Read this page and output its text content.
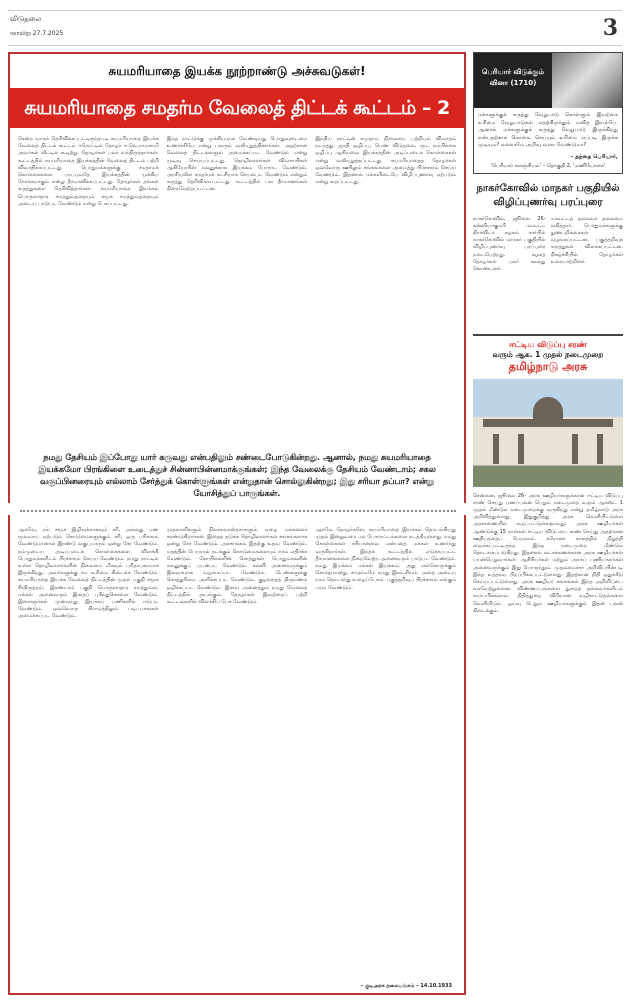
விடுதலை
ஞாயிறு 27.7.2025	3
சுயமரியாதை இயக்க நூற்றாண்டு அச்சுவடுகள்!
சுயமரியாதை சமதர்ம வேலைத் திட்டக் கூட்டம் – 2
சென்ற வாரம் தெரிவிக்கப்பட்டிருந்தபடி சுயமரியாதை இயக்க வேலைத் திட்டக் கூட்டம் ஈரோட்டில் தோழர் ஈ.வெ.ராமசாமி அவர்கள் வீட்டில் கூடிற்று. தோழர்கள் பலர் வந்திருந்தார்கள். கூட்டத்தில் சுயமரியாதை இயக்கத்தின் வேலைத் திட்டம் பற்றி விவாதிக்கப்பட்டது. பொதுமக்களுக்கு சமதர்மக் கொள்கைகளை பரப்புவதே இயக்கத்தின் முக்கிய நோக்கமாகும் என்று தீர்மானிக்கப்பட்டது. தோழர்கள் தங்கள் கருத்துகளை தெரிவித்தார்கள். சுயமரியாதை இயக்கம் பொருளாதார சமத்துவத்தையும் சமூக சமத்துவத்தையும் அடைய பாடுபட வேண்டும் என்று பேசப்பட்டது.
இந்த நாட்டுக்கு முக்கியமாக வேண்டியது பொதுவுடைமை உணர்ச்சியே என்று பலரும் வலியுறுத்தினார்கள். அதற்கான வேலைத் திட்டங்களும் அமைக்கப்பட வேண்டும் என்று முடிவு செய்யப்பட்டது. தொழிலாளர்கள் விவசாயிகள் ஆகியோரின் நலனுக்காக இயக்கம் போராட வேண்டும். அரசியலில் சமதர்மக் கட்சியாக செயல்பட வேண்டும் என்றும் கருத்து தெரிவிக்கப்பட்டது. கூட்டத்தில் பல தீர்மானங்கள் நிறைவேற்றப்பட்டன.
இந்திய நாட்டின் சமுதாய நிலைமை பற்றியும் விவாதம் நடந்தது. ஜாதி ஒழிப்பு, பெண் விடுதலை, மூட நம்பிக்கை ஒழிப்பு ஆகியவை இயக்கத்தின் அடிப்படைக் கொள்கைகள் என்று வலியுறுத்தப்பட்டது. சுயமரியாதைத் தோழர்கள் ஒவ்வொரு ஊரிலும் சங்கங்களை அமைத்து பிரச்சாரம் செய்ய வேண்டும். இதனால் மக்களிடையே விழிப்புணர்வு ஏற்படும் என்று கூறப்பட்டது.
நமது தேசியம் இப்போது யார் கருவது என்பதிலும் சண்டைபோடுகின்றது. ஆனால், நமது சுயமரியாதை இயக்கமோ பிரங்கிளை உடைத்துச் சின்னாபின்னமாக்குங்கள்; இந்த வேலைக்கு தேசியம் வேண்டாம்; சகல வகுப்பினரையும் எல்லாம் சேர்த்துக் கொள்ளுங்கள் என்றுதான் சொல்லுகின்றது; இது சரியா தப்பா? என்று யோசித்துப் பாருங்கள்.
ஆகவே, நம் சமூக இழிவுக்காகவும் சரி, அல்லது பண மூலமாய் ஏற்படும் கொடுமைகளுக்கும் சரி, ஒரு பரிகாரம் வேண்டுமானால் இரண்டு வகுப்பாரும் ஒன்று சேர வேண்டும். நம்முடைய அடிப்படைக் கொள்கைகளை விளக்கி பொதுமக்களிடம் பிரச்சாரம் செய்ய வேண்டும். நமது நாட்டில் உள்ள தொழிலாளர்களின் நிலைமை மிகவும் பரிதாபகரமாக இருக்கிறது. அவர்களுக்கு சம உரிமை கிடைக்க வேண்டும். சுயமரியாதை இயக்க வேலைத் திட்டத்தின் முதல் பகுதி சமூக சீர்திருத்தம்; இரண்டாம் பகுதி பொருளாதார சமத்துவம். மக்கள் அனைவரும் இதைப் புரிந்துகொள்ள வேண்டும். இளைஞர்கள் முன்வந்து இயக்கப் பணிகளில் ஈடுபட வேண்டும். ஒவ்வொரு கிராமத்திலும் படிப்பகங்கள் அமைக்கப்பட வேண்டும்.
முதலாளிகளும் நிலச்சுவான்தார்களும் ஏழை மக்களைச் சுரண்டுகிறார்கள். இதைத் தடுக்க தொழிலாளர்கள் சங்கங்களாக ஒன்று சேர வேண்டும். அரசாங்கம் இதற்கு உதவ வேண்டும். மதத்தின் பெயரால் நடக்கும் கொடுமைகளையும் நாம் எதிர்க்க வேண்டும். கோயில்களின் சொத்துகள் பொதுமக்களின் நலனுக்குப் பயன்பட வேண்டும். கல்வி அனைவருக்கும் இலவசமாக வழங்கப்பட வேண்டும். பெண்களுக்கு சொத்துரிமை அளிக்கப்பட வேண்டும். குழந்தைத் திருமணம் ஒழிக்கப்பட வேண்டும். இவை அனைத்தும் நமது வேலைத் திட்டத்தில் அடங்கும். தோழர்கள் இவற்றைப் பற்றி கூட்டங்களில் விளக்கிப் பேச வேண்டும்.
ஆகவே தோழர்களே, சுயமரியாதை இயக்கம் தொடங்கியது முதல் இன்றுவரை பல போராட்டங்களை நடத்தியுள்ளது. நமது கொள்கைகள் சரியானவை என்பதை மக்கள் உணர்ந்து வருகிறார்கள். இந்தக் கூட்டத்தில் எடுக்கப்பட்ட தீர்மானங்களை நிறைவேற்ற அனைவரும் பாடுபட வேண்டும். நமது இயக்கம் மக்கள் இயக்கம்; அது எல்லோருக்கும் சொந்தமானது. சமதர்மமே நமது இலட்சியம். அதை அடைய நாம் தொடர்ந்து உழைப்போம். பகுத்தறிவுப் பிரச்சாரம் எங்கும் பரவ வேண்டும்.
– குடிஅரசு தலையங்கம் – 14.10.1933
பெரியார் விடுக்கும் வினா (1710)
மக்களுக்குக் கருத்து வேறுபாடு கொள்ளும் இயற்கை உரிமை வேறுபாடுகள் எதற்கிருந்தும் மனித இயல்பே. ஆனால் மக்களுக்குக் கருத்து வேறுபாடு இருக்கிறது என்பதற்காக கொலை செய்யும் உரிமை எப்படி இருக்க முடியும்? எல்லாமே அறிவு வளர வேண்டுமா?
– தந்தை பெரியார்,
'பெரியார் களஞ்சியம்' – தொகுதி 2, 'மணியோசை'
நாகர்கோவில் மாநகர் பகுதியில் விழிப்புணர்வு பரப்புரை
நாகர்கோவில், ஜூலை 26- கன்னியாகுமரி மாவட்ட திராவிடர் கழகம் சார்பில் நாகர்கோவில் மாநகர் பகுதியில் விழிப்புணர்வு பரப்புரை நடைபெற்றது. கழகத் தோழர்கள் பலர் கலந்து கொண்டனர்.
மாவட்டத் தலைவர் தலைமை வகித்தார். பொதுமக்களுக்கு துண்டறிக்கைகள் வழங்கப்பட்டன. பகுத்தறிவுக் கருத்துகள் விளக்கப்பட்டன. நிகழ்ச்சியில் தோழர்கள் உரையாற்றினர்.
ஈட்டிய விடுப்பு சரண்
வரும் ஆக. 1 முதல் நடைமுறை
தமிழ்நாடு அரசு
சென்னை, ஜூலை 26- அரசு ஊழியர்களுக்கான ஈட்டிய விடுப்பு சரண் செய்து பணப்பலன் பெறும் நடைமுறை வரும் ஆகஸ்ட் 1 முதல் மீண்டும் நடைமுறைக்கு வருகிறது என்று தமிழ்நாடு அரசு அறிவித்துள்ளது. இதுகுறித்து அரசு வெளியிட்டுள்ள அரசாணையில் கூறப்பட்டுள்ளதாவது: அரசு ஊழியர்கள் ஆண்டுக்கு 15 நாள்கள் ஈட்டிய விடுப்பை சரண் செய்து அதற்கான ஊதியத்தைப் பெறலாம். கரோனா காலத்தில் நிறுத்தி வைக்கப்பட்டிருந்த இந்த நடைமுறை மீண்டும் தொடங்கப்படுகிறது. இதனால் லட்சக்கணக்கான அரசு ஊழியர்கள் பயன்பெறுவார்கள். ஆசிரியர்கள் மற்றும் அரசுப் பணியாளர்கள் அனைவருக்கும் இது பொருந்தும். முதலமைச்சர் அறிவிப்பின்படி இந்த உத்தரவு பிறப்பிக்கப்பட்டுள்ளது. இதற்கான நிதி ஒதுக்கீடு செய்யப்பட்டுள்ளது. அரசு ஊழியர் சங்கங்கள் இந்த அறிவிப்பை வரவேற்றுள்ளன. விண்ணப்பங்களை துறைத் தலைவர்களிடம் சமர்ப்பிக்கலாம். நிதித்துறை விரிவான வழிகாட்டுதல்களை வெளியிடும். ஓய்வு பெறும் ஊழியர்களுக்கும் இதன் பலன் கிடைக்கும்.
